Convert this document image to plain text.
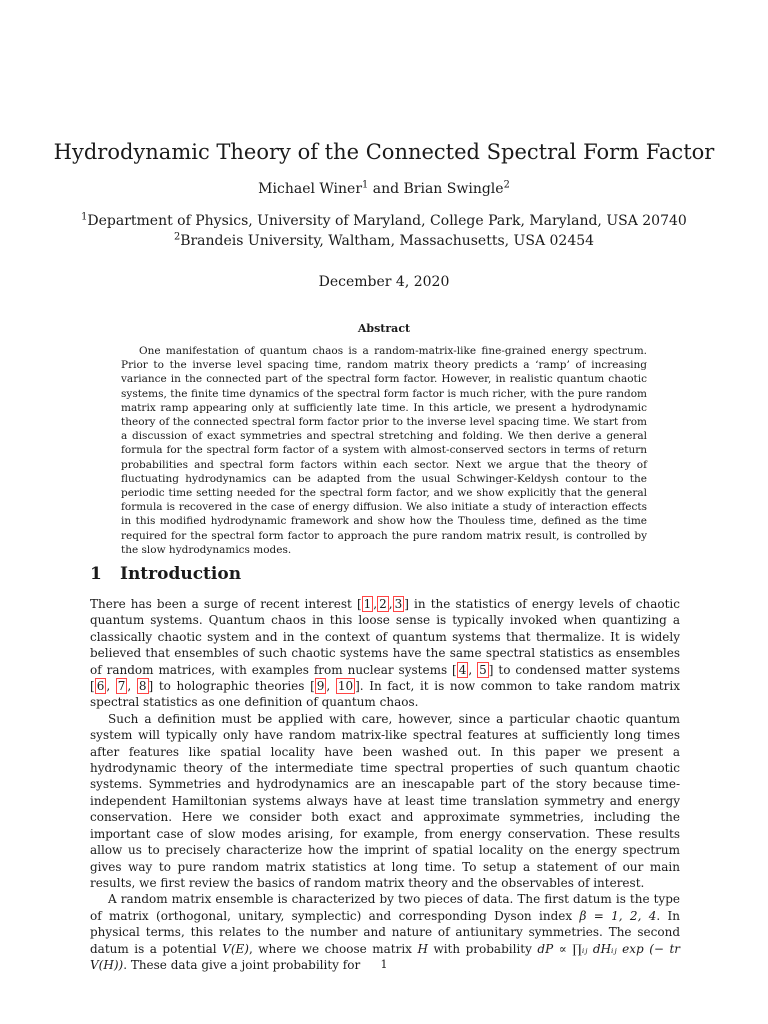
Hydrodynamic Theory of the Connected Spectral Form Factor
Michael Winer$^1$ and Brian Swingle$^2$
$^1$Department of Physics, University of Maryland, College Park, Maryland, USA 20740
$^2$Brandeis University, Waltham, Massachusetts, USA 02454
December 4, 2020
Abstract

One manifestation of quantum chaos is a random-matrix-like fine-grained energy spectrum. Prior to the inverse level spacing time, random matrix theory predicts a ‘ramp’ of increasing variance in the connected part of the spectral form factor. However, in realistic quantum chaotic systems, the finite time dynamics of the spectral form factor is much richer, with the pure random matrix ramp appearing only at sufficiently late time. In this article, we present a hydrodynamic theory of the connected spectral form factor prior to the inverse level spacing time. We start from a discussion of exact symmetries and spectral stretching and folding. We then derive a general formula for the spectral form factor of a system with almost-conserved sectors in terms of return probabilities and spectral form factors within each sector. Next we argue that the theory of fluctuating hydrodynamics can be adapted from the usual Schwinger-Keldysh contour to the periodic time setting needed for the spectral form factor, and we show explicitly that the general formula is recovered in the case of energy diffusion. We also initiate a study of interaction effects in this modified hydrodynamic framework and show how the Thouless time, defined as the time required for the spectral form factor to approach the pure random matrix result, is controlled by the slow hydrodynamics modes.

1 Introduction

There has been a surge of recent interest [ 1 , 2 , 3 ] in the statistics of energy levels of chaotic quantum systems. Quantum chaos in this loose sense is typically invoked when quantizing a classically chaotic system and in the context of quantum systems that thermalize. It is widely believed that ensembles of such chaotic systems have the same spectral statistics as ensembles of random matrices, with examples from nuclear systems [ 4 , 5 ] to condensed matter systems [ 6 , 7 , 8 ] to holographic theories [ 9 , 10 ]. In fact, it is now common to take random matrix spectral statistics as one definition of quantum chaos.

Such a definition must be applied with care, however, since a particular chaotic quantum system will typically only have random matrix-like spectral features at sufficiently long times after features like spatial locality have been washed out. In this paper we present a hydrodynamic theory of the intermediate time spectral properties of such quantum chaotic systems. Symmetries and hydrodynamics are an inescapable part of the story because time-independent Hamiltonian systems always have at least time translation symmetry and energy conservation. Here we consider both exact and approximate symmetries, including the important case of slow modes arising, for example, from energy conservation. These results allow us to precisely characterize how the imprint of spatial locality on the energy spectrum gives way to pure random matrix statistics at long time. To setup a statement of our main results, we first review the basics of random matrix theory and the observables of interest.

A random matrix ensemble is characterized by two pieces of data. The first datum is the type of matrix (orthogonal, unitary, symplectic) and corresponding Dyson index β = 1, 2, 4. In physical terms, this relates to the number and nature of antiunitary symmetries. The second datum is a potential V(E), where we choose matrix H with probability dP ∝ ∏ᵢⱼ dHᵢⱼ exp (− tr V(H)). These data give a joint probability for	1
